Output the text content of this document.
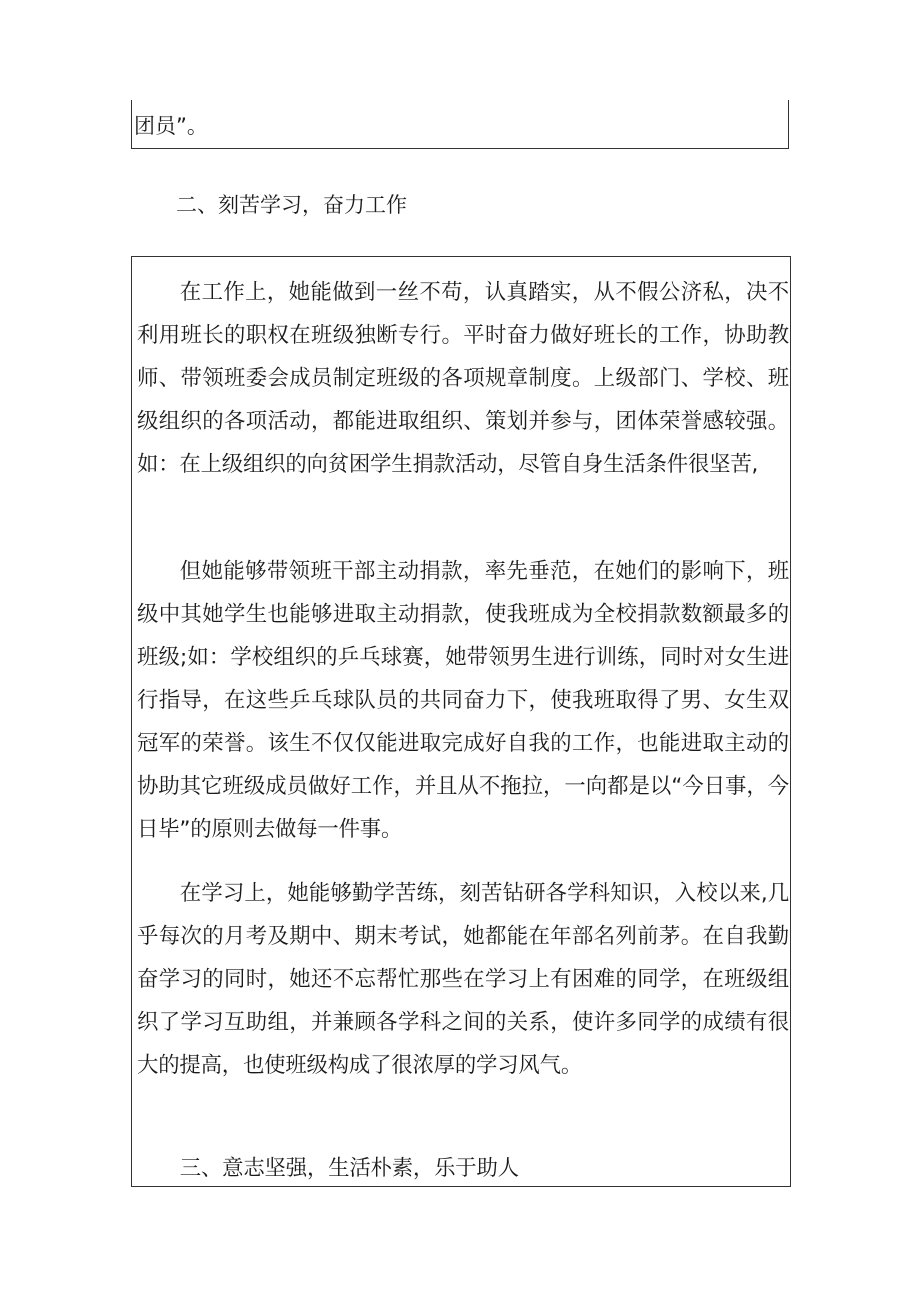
团员”。
二、刻苦学习，奋力工作

在工作上，她能做到一丝不苟，认真踏实，从不假公济私，决不利用班长的职权在班级独断专行。平时奋力做好班长的工作，协助教师、带领班委会成员制定班级的各项规章制度。上级部门、学校、班级组织的各项活动，都能进取组织、策划并参与，团体荣誉感较强。如：在上级组织的向贫困学生捐款活动，尽管自身生活条件很坚苦,

但她能够带领班干部主动捐款，率先垂范，在她们的影响下，班级中其她学生也能够进取主动捐款，使我班成为全校捐款数额最多的班级;如：学校组织的乒乓球赛，她带领男生进行训练，同时对女生进行指导，在这些乒乓球队员的共同奋力下，使我班取得了男、女生双冠军的荣誉。该生不仅仅能进取完成好自我的工作，也能进取主动的协助其它班级成员做好工作，并且从不拖拉，一向都是以“今日事，今日毕”的原则去做每一件事。

在学习上，她能够勤学苦练，刻苦钻研各学科知识，入校以来,几乎每次的月考及期中、期末考试，她都能在年部名列前茅。在自我勤奋学习的同时，她还不忘帮忙那些在学习上有困难的同学，在班级组织了学习互助组，并兼顾各学科之间的关系，使许多同学的成绩有很大的提高，也使班级构成了很浓厚的学习风气。

三、意志坚强，生活朴素，乐于助人
